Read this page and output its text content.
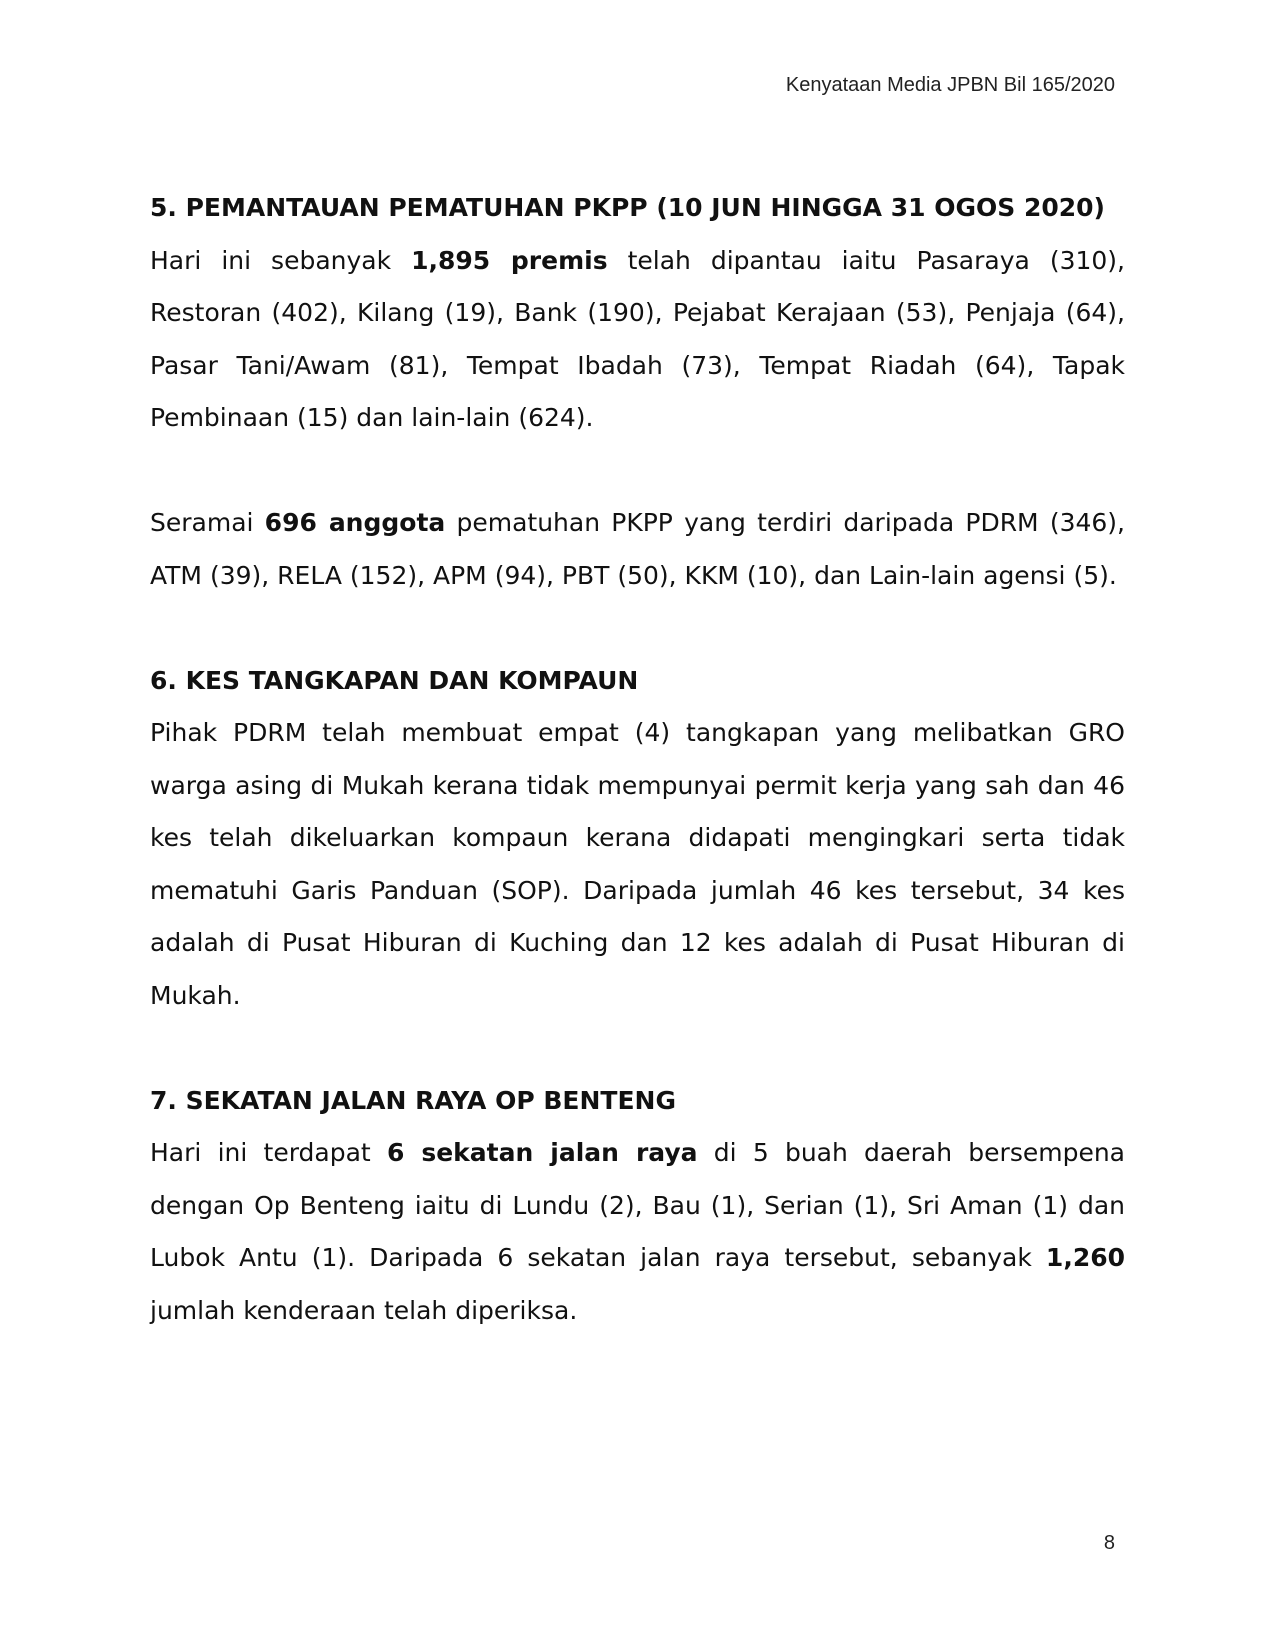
Kenyataan Media JPBN Bil 165/2020
5. PEMANTAUAN PEMATUHAN PKPP (10 JUN HINGGA 31 OGOS 2020)

Hari ini sebanyak 1,895 premis telah dipantau iaitu Pasaraya (310), Restoran (402), Kilang (19), Bank (190), Pejabat Kerajaan (53), Penjaja (64), Pasar Tani/Awam (81), Tempat Ibadah (73), Tempat Riadah (64), Tapak Pembinaan (15) dan lain-lain (624).

Seramai 696 anggota pematuhan PKPP yang terdiri daripada PDRM (346), ATM (39), RELA (152), APM (94), PBT (50), KKM (10), dan Lain-lain agensi (5).

6. KES TANGKAPAN DAN KOMPAUN

Pihak PDRM telah membuat empat (4) tangkapan yang melibatkan GRO warga asing di Mukah kerana tidak mempunyai permit kerja yang sah dan 46 kes telah dikeluarkan kompaun kerana didapati mengingkari serta tidak mematuhi Garis Panduan (SOP). Daripada jumlah 46 kes tersebut, 34 kes adalah di Pusat Hiburan di Kuching dan 12 kes adalah di Pusat Hiburan di Mukah.

7. SEKATAN JALAN RAYA OP BENTENG

Hari ini terdapat 6 sekatan jalan raya di 5 buah daerah bersempena dengan Op Benteng iaitu di Lundu (2), Bau (1), Serian (1), Sri Aman (1) dan Lubok Antu (1). Daripada 6 sekatan jalan raya tersebut, sebanyak 1,260 jumlah kenderaan telah diperiksa.

8
